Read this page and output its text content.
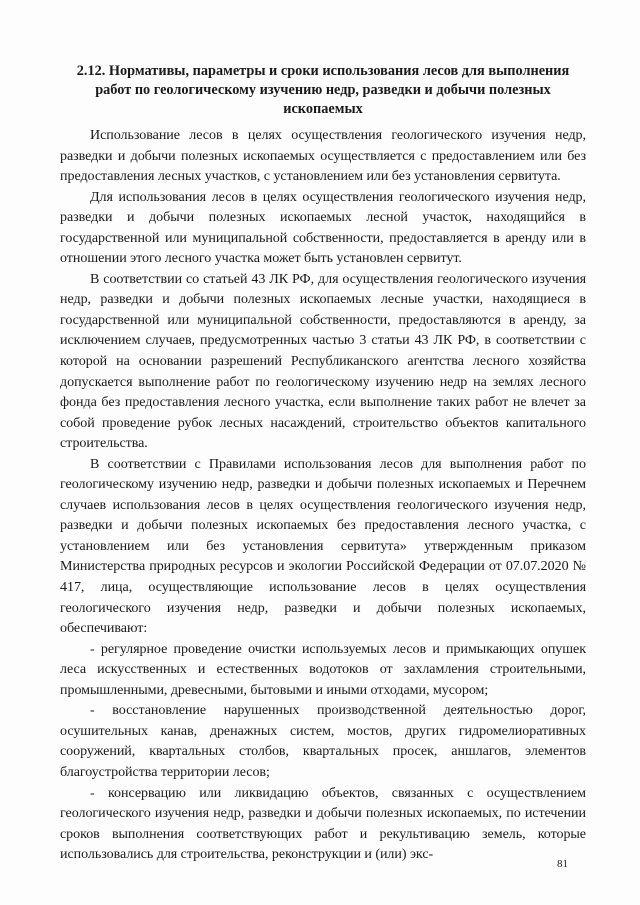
2.12. Нормативы, параметры и сроки использования лесов для выполнения работ по геологическому изучению недр, разведки и добычи полезных ископаемых

Использование лесов в целях осуществления геологического изучения недр, разведки и добычи полезных ископаемых осуществляется с предоставлением или без предоставления лесных участков, с установлением или без установления сервитута.

Для использования лесов в целях осуществления геологического изучения недр, разведки и добычи полезных ископаемых лесной участок, находящийся в государственной или муниципальной собственности, предоставляется в аренду или в отношении этого лесного участка может быть установлен сервитут.

В соответствии со статьей 43 ЛК РФ, для осуществления геологического изучения недр, разведки и добычи полезных ископаемых лесные участки, находящиеся в государственной или муниципальной собственности, предоставляются в аренду, за исключением случаев, предусмотренных частью 3 статьи 43 ЛК РФ, в соответствии с которой на основании разрешений Республиканского агентства лесного хозяйства допускается выполнение работ по геологическому изучению недр на землях лесного фонда без предоставления лесного участка, если выполнение таких работ не влечет за собой проведение рубок лесных насаждений, строительство объектов капитального строительства.

В соответствии с Правилами использования лесов для выполнения работ по геологическому изучению недр, разведки и добычи полезных ископаемых и Перечнем случаев использования лесов в целях осуществления геологического изучения недр, разведки и добычи полезных ископаемых без предоставления лесного участка, с установлением или без установления сервитута» утвержденным приказом Министерства природных ресурсов и экологии Российской Федерации от 07.07.2020 № 417, лица, осуществляющие использование лесов в целях осуществления геологического изучения недр, разведки и добычи полезных ископаемых, обеспечивают:

- регулярное проведение очистки используемых лесов и примыкающих опушек леса искусственных и естественных водотоков от захламления строительными, промышленными, древесными, бытовыми и иными отходами, мусором;

- восстановление нарушенных производственной деятельностью дорог, осушительных канав, дренажных систем, мостов, других гидромелиоративных сооружений, квартальных столбов, квартальных просек, аншлагов, элементов благоустройства территории лесов;

- консервацию или ликвидацию объектов, связанных с осуществлением геологического изучения недр, разведки и добычи полезных ископаемых, по истечении сроков выполнения соответствующих работ и рекультивацию земель, которые использовались для строительства, реконструкции и (или) экс-

81
